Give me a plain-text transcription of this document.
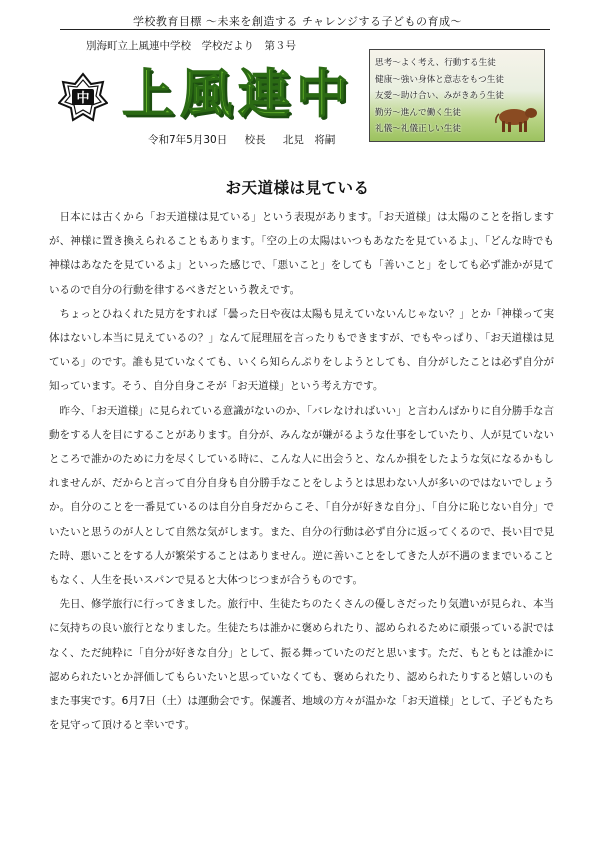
学校教育目標 ～未来を創造する チャレンジする子どもの育成～
別海町立上風連中学校　学校だより　第３号
中 上風連中
令和7年5月30日 校長 北見　将嗣
思考～よく考え、行動する生徒
健康～強い身体と意志をもつ生徒
友愛～助け合い、みがきあう生徒
勤労～進んで働く生徒
礼儀～礼儀正しい生徒
お天道様は見ている

日本には古くから「お天道様は見ている」という表現があります。「お天道様」は太陽のことを指しますが、神様に置き換えられることもあります。「空の上の太陽はいつもあなたを見ているよ」、「どんな時でも神様はあなたを見ているよ」といった感じで、「悪いこと」をしても「善いこと」をしても必ず誰かが見ているので自分の行動を律するべきだという教えです。

ちょっとひねくれた見方をすれば「曇った日や夜は太陽も見えていないんじゃない？」とか「神様って実体はないし本当に見えているの？」なんて屁理屈を言ったりもできますが、でもやっぱり、「お天道様は見ている」のです。誰も見ていなくても、いくら知らんぷりをしようとしても、自分がしたことは必ず自分が知っています。そう、自分自身こそが「お天道様」という考え方です。

昨今、「お天道様」に見られている意識がないのか、「バレなければいい」と言わんばかりに自分勝手な言動をする人を目にすることがあります。自分が、みんなが嫌がるような仕事をしていたり、人が見ていないところで誰かのために力を尽くしている時に、こんな人に出会うと、なんか損をしたような気になるかもしれませんが、だからと言って自分自身も自分勝手なことをしようとは思わない人が多いのではないでしょうか。自分のことを一番見ているのは自分自身だからこそ、「自分が好きな自分」、「自分に恥じない自分」でいたいと思うのが人として自然な気がします。また、自分の行動は必ず自分に返ってくるので、長い目で見た時、悪いことをする人が繁栄することはありません。逆に善いことをしてきた人が不遇のままでいることもなく、人生を長いスパンで見ると大体つじつまが合うものです。

先日、修学旅行に行ってきました。旅行中、生徒たちのたくさんの優しさだったり気遣いが見られ、本当に気持ちの良い旅行となりました。生徒たちは誰かに褒められたり、認められるために頑張っている訳ではなく、ただ純粋に「自分が好きな自分」として、振る舞っていたのだと思います。ただ、もともとは誰かに認められたいとか評価してもらいたいと思っていなくても、褒められたり、認められたりすると嬉しいのもまた事実です。6月7日（土）は運動会です。保護者、地域の方々が温かな「お天道様」として、子どもたちを見守って頂けると幸いです。
